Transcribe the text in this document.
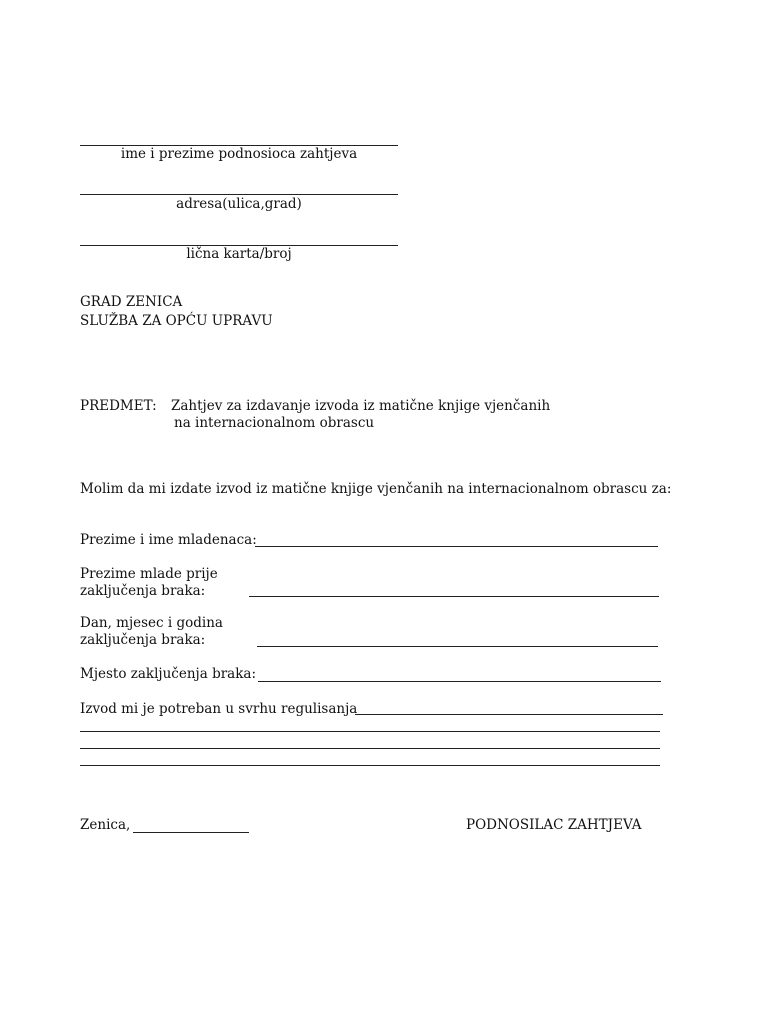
ime i prezime podnosioca zahtjeva
adresa(ulica,grad)
lična karta/broj
GRAD ZENICA
SLUŽBA ZA OPĆU UPRAVU
PREDMET: Zahtjev za izdavanje izvoda iz matične knjige vjenčanih
na internacionalnom obrascu
Molim da mi izdate izvod iz matične knjige vjenčanih na internacionalnom obrascu za:
Prezime i ime mladenaca:
Prezime mlade prije
zaključenja braka:
Dan, mjesec i godina
zaključenja braka:
Mjesto zaključenja braka:
Izvod mi je potreban u svrhu regulisanja
Zenica,	PODNOSILAC ZAHTJEVA
